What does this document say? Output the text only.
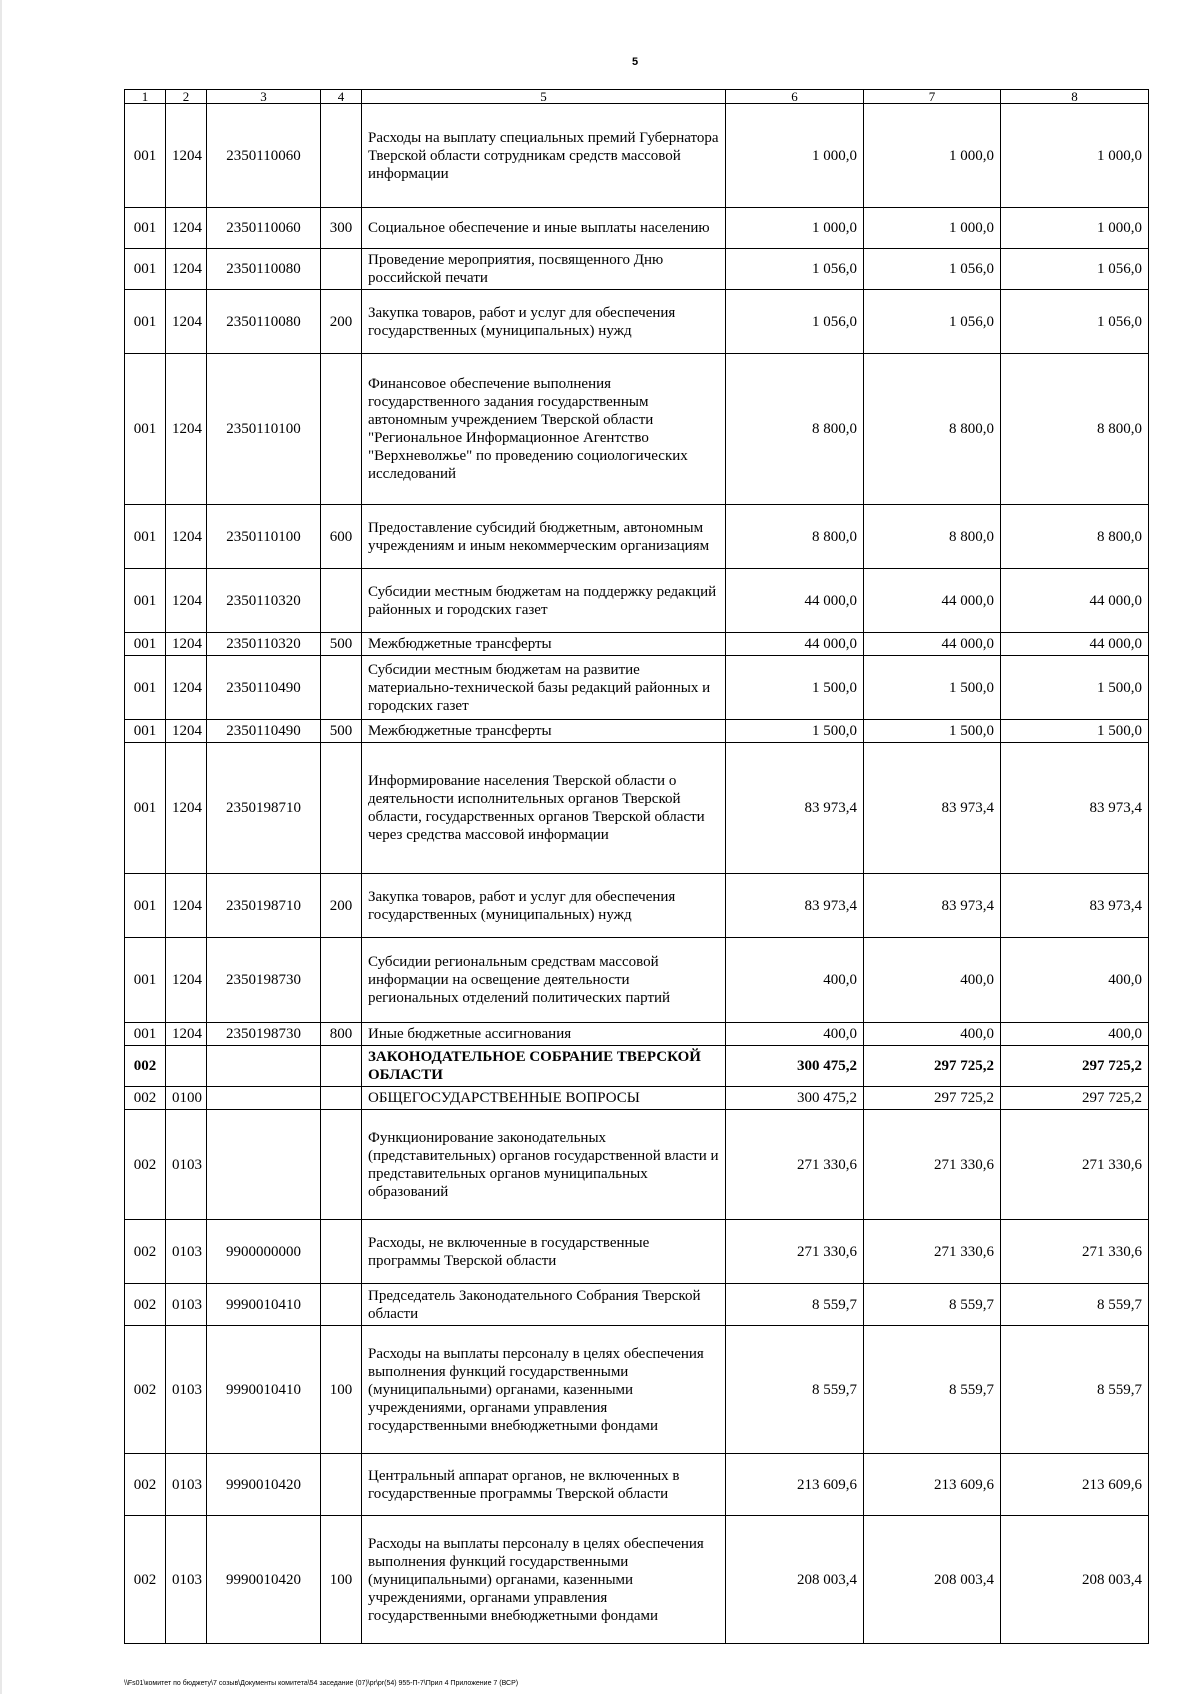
5
1	2	3	4	5	6	7	8
001	1204	2350110060		Расходы на выплату специальных премий Губернатора Тверской области сотрудникам средств массовой информации	1 000,0	1 000,0	1 000,0
001	1204	2350110060	300	Социальное обеспечение и иные выплаты населению	1 000,0	1 000,0	1 000,0
001	1204	2350110080		Проведение мероприятия, посвященного Дню российской печати	1 056,0	1 056,0	1 056,0
001	1204	2350110080	200	Закупка товаров, работ и услуг для обеспечения государственных (муниципальных) нужд	1 056,0	1 056,0	1 056,0
001	1204	2350110100		Финансовое обеспечение выполнения государственного задания государственным автономным учреждением Тверской области "Региональное Информационное Агентство "Верхневолжье" по проведению социологических исследований	8 800,0	8 800,0	8 800,0
001	1204	2350110100	600	Предоставление субсидий бюджетным, автономным учреждениям и иным некоммерческим организациям	8 800,0	8 800,0	8 800,0
001	1204	2350110320		Субсидии местным бюджетам на поддержку редакций районных и городских газет	44 000,0	44 000,0	44 000,0
001	1204	2350110320	500	Межбюджетные трансферты	44 000,0	44 000,0	44 000,0
001	1204	2350110490		Субсидии местным бюджетам на развитие материально-технической базы редакций районных и городских газет	1 500,0	1 500,0	1 500,0
001	1204	2350110490	500	Межбюджетные трансферты	1 500,0	1 500,0	1 500,0
001	1204	2350198710		Информирование населения Тверской области о деятельности исполнительных органов Тверской области, государственных органов Тверской области через средства массовой информации	83 973,4	83 973,4	83 973,4
001	1204	2350198710	200	Закупка товаров, работ и услуг для обеспечения государственных (муниципальных) нужд	83 973,4	83 973,4	83 973,4
001	1204	2350198730		Субсидии региональным средствам массовой информации на освещение деятельности региональных отделений политических партий	400,0	400,0	400,0
001	1204	2350198730	800	Иные бюджетные ассигнования	400,0	400,0	400,0
002				ЗАКОНОДАТЕЛЬНОЕ СОБРАНИЕ ТВЕРСКОЙ ОБЛАСТИ	300 475,2	297 725,2	297 725,2
002	0100			ОБЩЕГОСУДАРСТВЕННЫЕ ВОПРОСЫ	300 475,2	297 725,2	297 725,2
002	0103			Функционирование законодательных (представительных) органов государственной власти и представительных органов муниципальных образований	271 330,6	271 330,6	271 330,6
002	0103	9900000000		Расходы, не включенные в государственные программы Тверской области	271 330,6	271 330,6	271 330,6
002	0103	9990010410		Председатель Законодательного Собрания Тверской области	8 559,7	8 559,7	8 559,7
002	0103	9990010410	100	Расходы на выплаты персоналу в целях обеспечения выполнения функций государственными (муниципальными) органами, казенными учреждениями, органами управления государственными внебюджетными фондами	8 559,7	8 559,7	8 559,7
002	0103	9990010420		Центральный аппарат органов, не включенных в государственные программы Тверской области	213 609,6	213 609,6	213 609,6
002	0103	9990010420	100	Расходы на выплаты персоналу в целях обеспечения выполнения функций государственными (муниципальными) органами, казенными учреждениями, органами управления государственными внебюджетными фондами	208 003,4	208 003,4	208 003,4
\\Fs01\комитет по бюджету\7 созыв\Документы комитета\54 заседание (07)\pr\pr(54) 955-П-7\Прил 4 Приложение 7 (ВСР)
